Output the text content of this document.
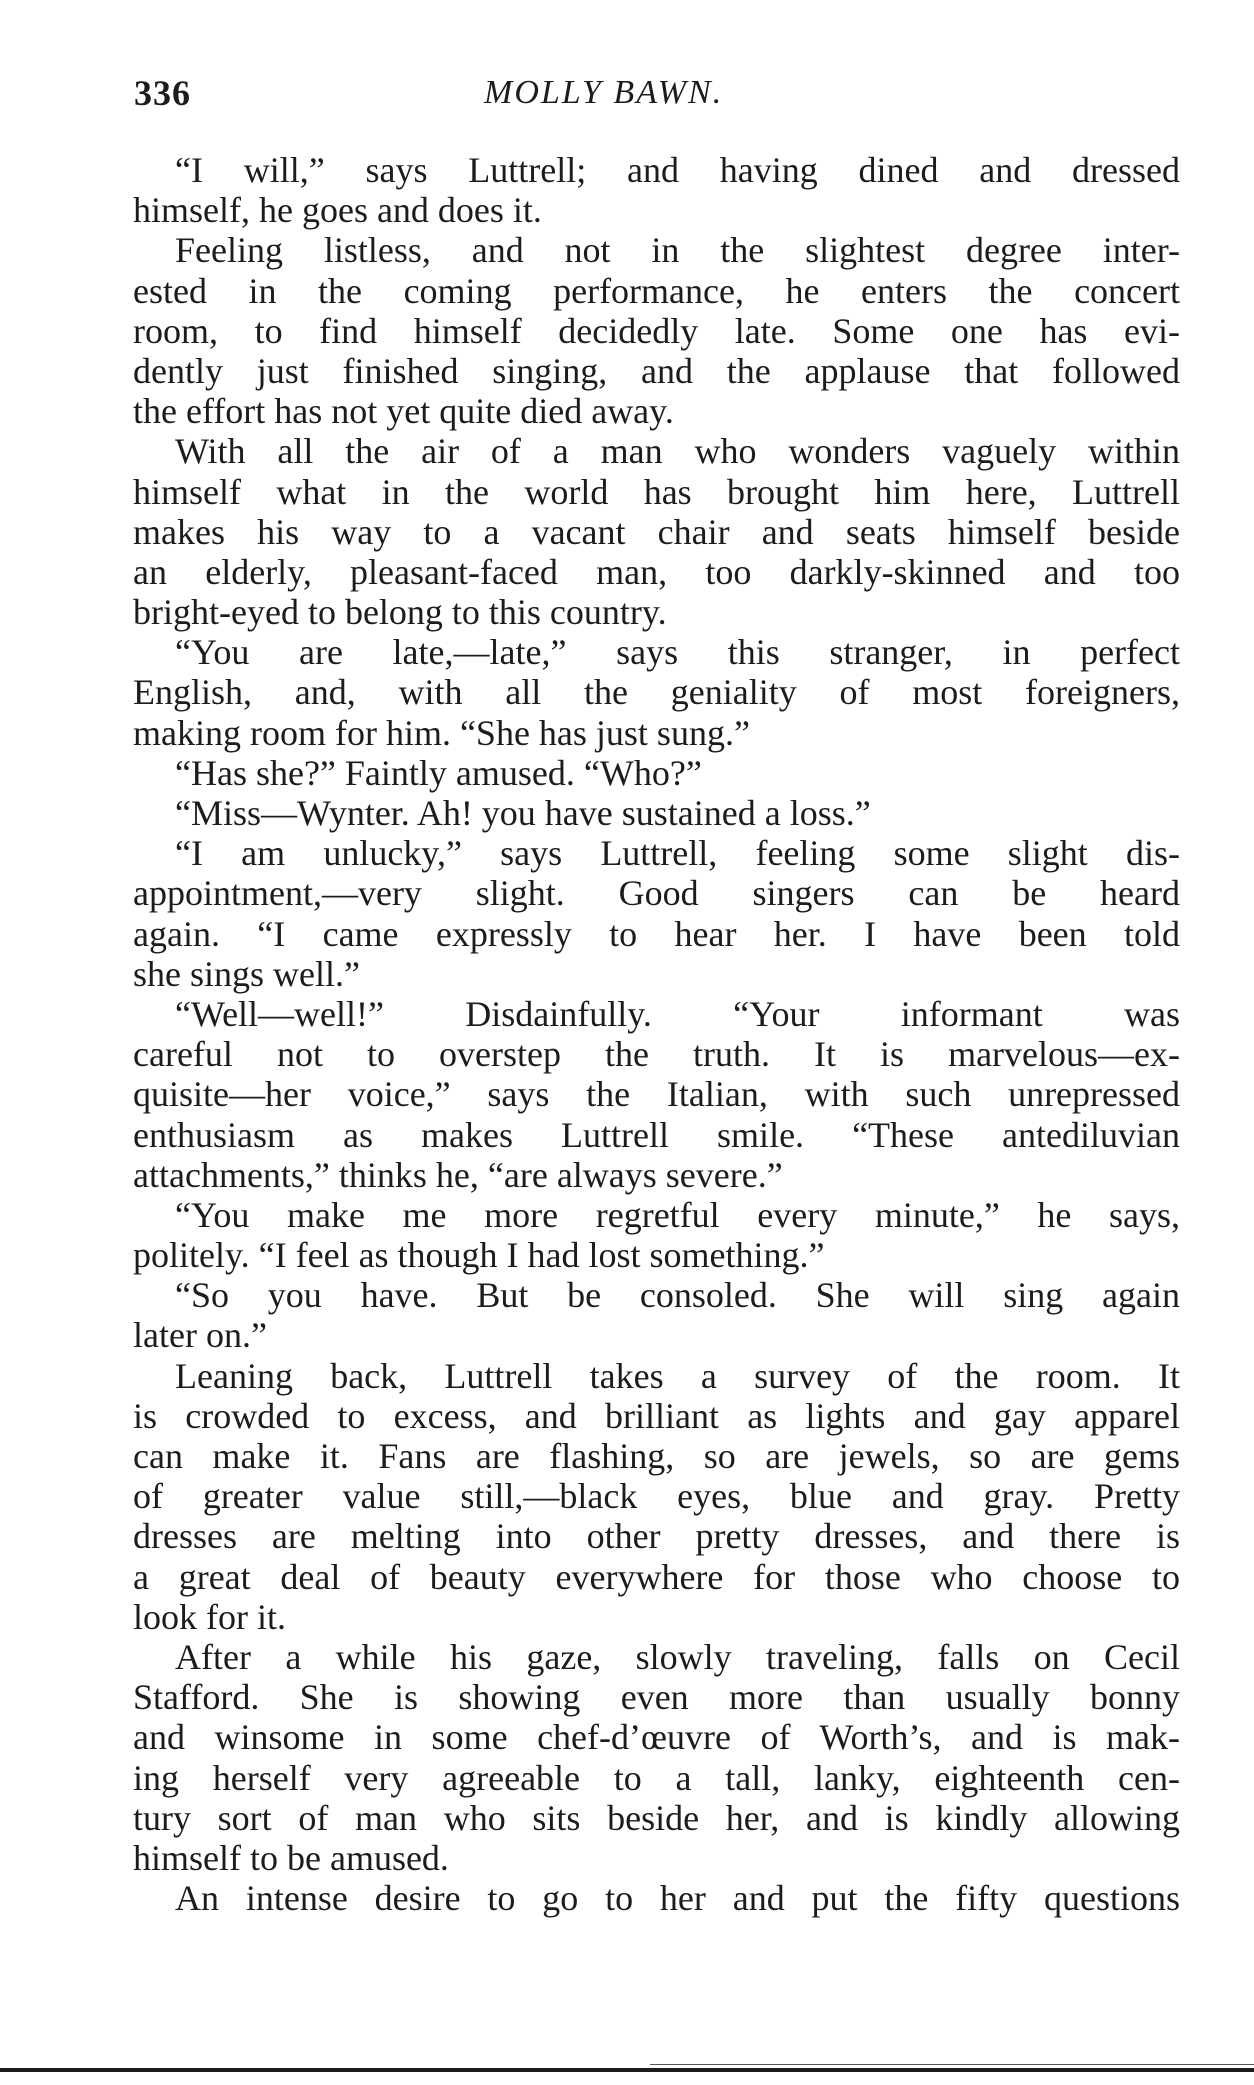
336	MOLLY BAWN.
“I will,” says Luttrell; and having dined and dressed
himself, he goes and does it.
Feeling listless, and not in the slightest degree inter-
ested in the coming performance, he enters the concert
room, to find himself decidedly late. Some one has evi-
dently just finished singing, and the applause that followed
the effort has not yet quite died away.
With all the air of a man who wonders vaguely within
himself what in the world has brought him here, Luttrell
makes his way to a vacant chair and seats himself beside
an elderly, pleasant-faced man, too darkly-skinned and too
bright-eyed to belong to this country.
“You are late,—late,” says this stranger, in perfect
English, and, with all the geniality of most foreigners,
making room for him. “She has just sung.”
“Has she?” Faintly amused. “Who?”
“Miss—Wynter. Ah! you have sustained a loss.”
“I am unlucky,” says Luttrell, feeling some slight dis-
appointment,—very slight. Good singers can be heard
again. “I came expressly to hear her. I have been told
she sings well.”
“Well—well!” Disdainfully. “Your informant was
careful not to overstep the truth. It is marvelous—ex-
quisite—her voice,” says the Italian, with such unrepressed
enthusiasm as makes Luttrell smile. “These antediluvian
attachments,” thinks he, “are always severe.”
“You make me more regretful every minute,” he says,
politely. “I feel as though I had lost something.”
“So you have. But be consoled. She will sing again
later on.”
Leaning back, Luttrell takes a survey of the room. It
is crowded to excess, and brilliant as lights and gay apparel
can make it. Fans are flashing, so are jewels, so are gems
of greater value still,—black eyes, blue and gray. Pretty
dresses are melting into other pretty dresses, and there is
a great deal of beauty everywhere for those who choose to
look for it.
After a while his gaze, slowly traveling, falls on Cecil
Stafford. She is showing even more than usually bonny
and winsome in some chef-d’œuvre of Worth’s, and is mak-
ing herself very agreeable to a tall, lanky, eighteenth cen-
tury sort of man who sits beside her, and is kindly allowing
himself to be amused.
An intense desire to go to her and put the fifty questions
